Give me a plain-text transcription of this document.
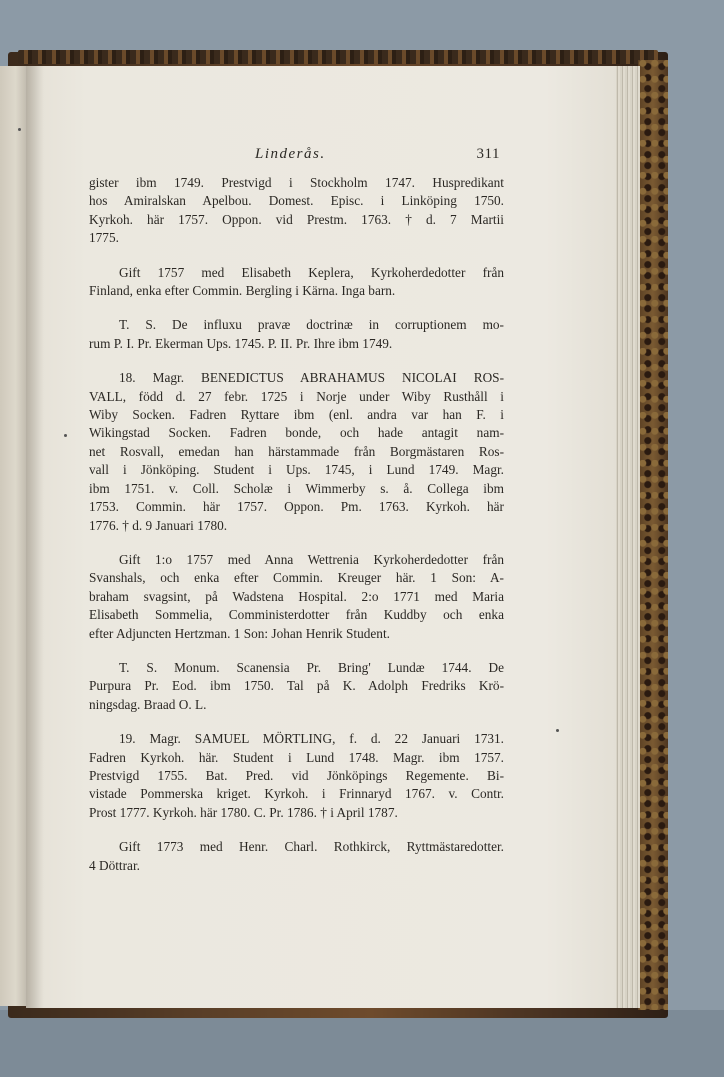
Linderås.	311
gister ibm 1749. Prestvigd i Stockholm 1747. Huspredikant
hos Amiralskan Apelbou. Domest. Episc. i Linköping 1750.
Kyrkoh. här 1757. Oppon. vid Prestm. 1763. † d. 7 Martii
1775.
Gift 1757 med Elisabeth Keplera, Kyrkoherdedotter från
Finland, enka efter Commin. Bergling i Kärna. Inga barn.
T. S. De influxu pravæ doctrinæ in corruptionem mo-
rum P. I. Pr. Ekerman Ups. 1745. P. II. Pr. Ihre ibm 1749.
18. Magr. BENEDICTUS ABRAHAMUS NICOLAI ROS-
VALL, född d. 27 febr. 1725 i Norje under Wiby Rusthåll i
Wiby Socken. Fadren Ryttare ibm (enl. andra var han F. i
Wikingstad Socken. Fadren bonde, och hade antagit nam-
net Rosvall, emedan han härstammade från Borgmästaren Ros-
vall i Jönköping. Student i Ups. 1745, i Lund 1749. Magr.
ibm 1751. v. Coll. Scholæ i Wimmerby s. å. Collega ibm
1753. Commin. här 1757. Oppon. Pm. 1763. Kyrkoh. här
1776. † d. 9 Januari 1780.
Gift 1:o 1757 med Anna Wettrenia Kyrkoherdedotter från
Svanshals, och enka efter Commin. Kreuger här. 1 Son: A-
braham svagsint, på Wadstena Hospital. 2:o 1771 med Maria
Elisabeth Sommelia, Comministerdotter från Kuddby och enka
efter Adjuncten Hertzman. 1 Son: Johan Henrik Student.
T. S. Monum. Scanensia Pr. Bring' Lundæ 1744. De
Purpura Pr. Eod. ibm 1750. Tal på K. Adolph Fredriks Krö-
ningsdag. Braad O. L.
19. Magr. SAMUEL MÖRTLING, f. d. 22 Januari 1731.
Fadren Kyrkoh. här. Student i Lund 1748. Magr. ibm 1757.
Prestvigd 1755. Bat. Pred. vid Jönköpings Regemente. Bi-
vistade Pommerska kriget. Kyrkoh. i Frinnaryd 1767. v. Contr.
Prost 1777. Kyrkoh. här 1780. C. Pr. 1786. † i April 1787.
Gift 1773 med Henr. Charl. Rothkirck, Ryttmästaredotter.
4 Döttrar.
